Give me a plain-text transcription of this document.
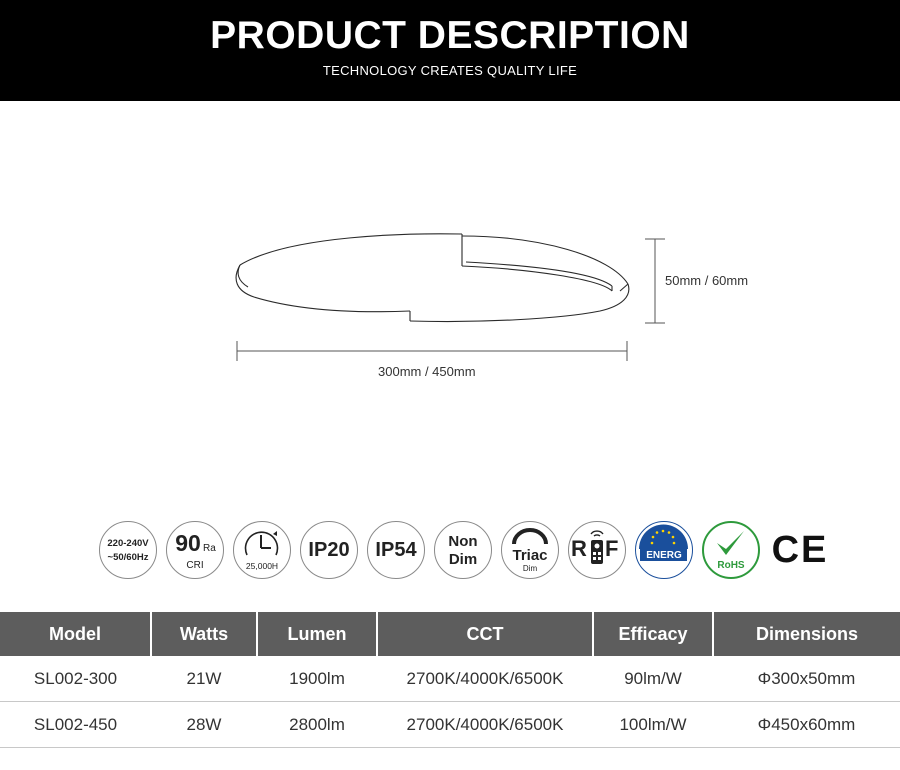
PRODUCT DESCRIPTION
TECHNOLOGY CREATES QUALITY LIFE
50mm / 60mm
300mm / 450mm
220-240V
~50/60Hz
90 Ra
CRI	25,000H
IP20	IP54	Non
Dim	Triac
Dim
R F	ENERG
RoHS CE
Model	Watts	Lumen	CCT	Efficacy	Dimensions
SL002-300	21W	1900lm	2700K/4000K/6500K	90lm/W	Φ300x50mm
SL002-450	28W	2800lm	2700K/4000K/6500K	100lm/W	Φ450x60mm
